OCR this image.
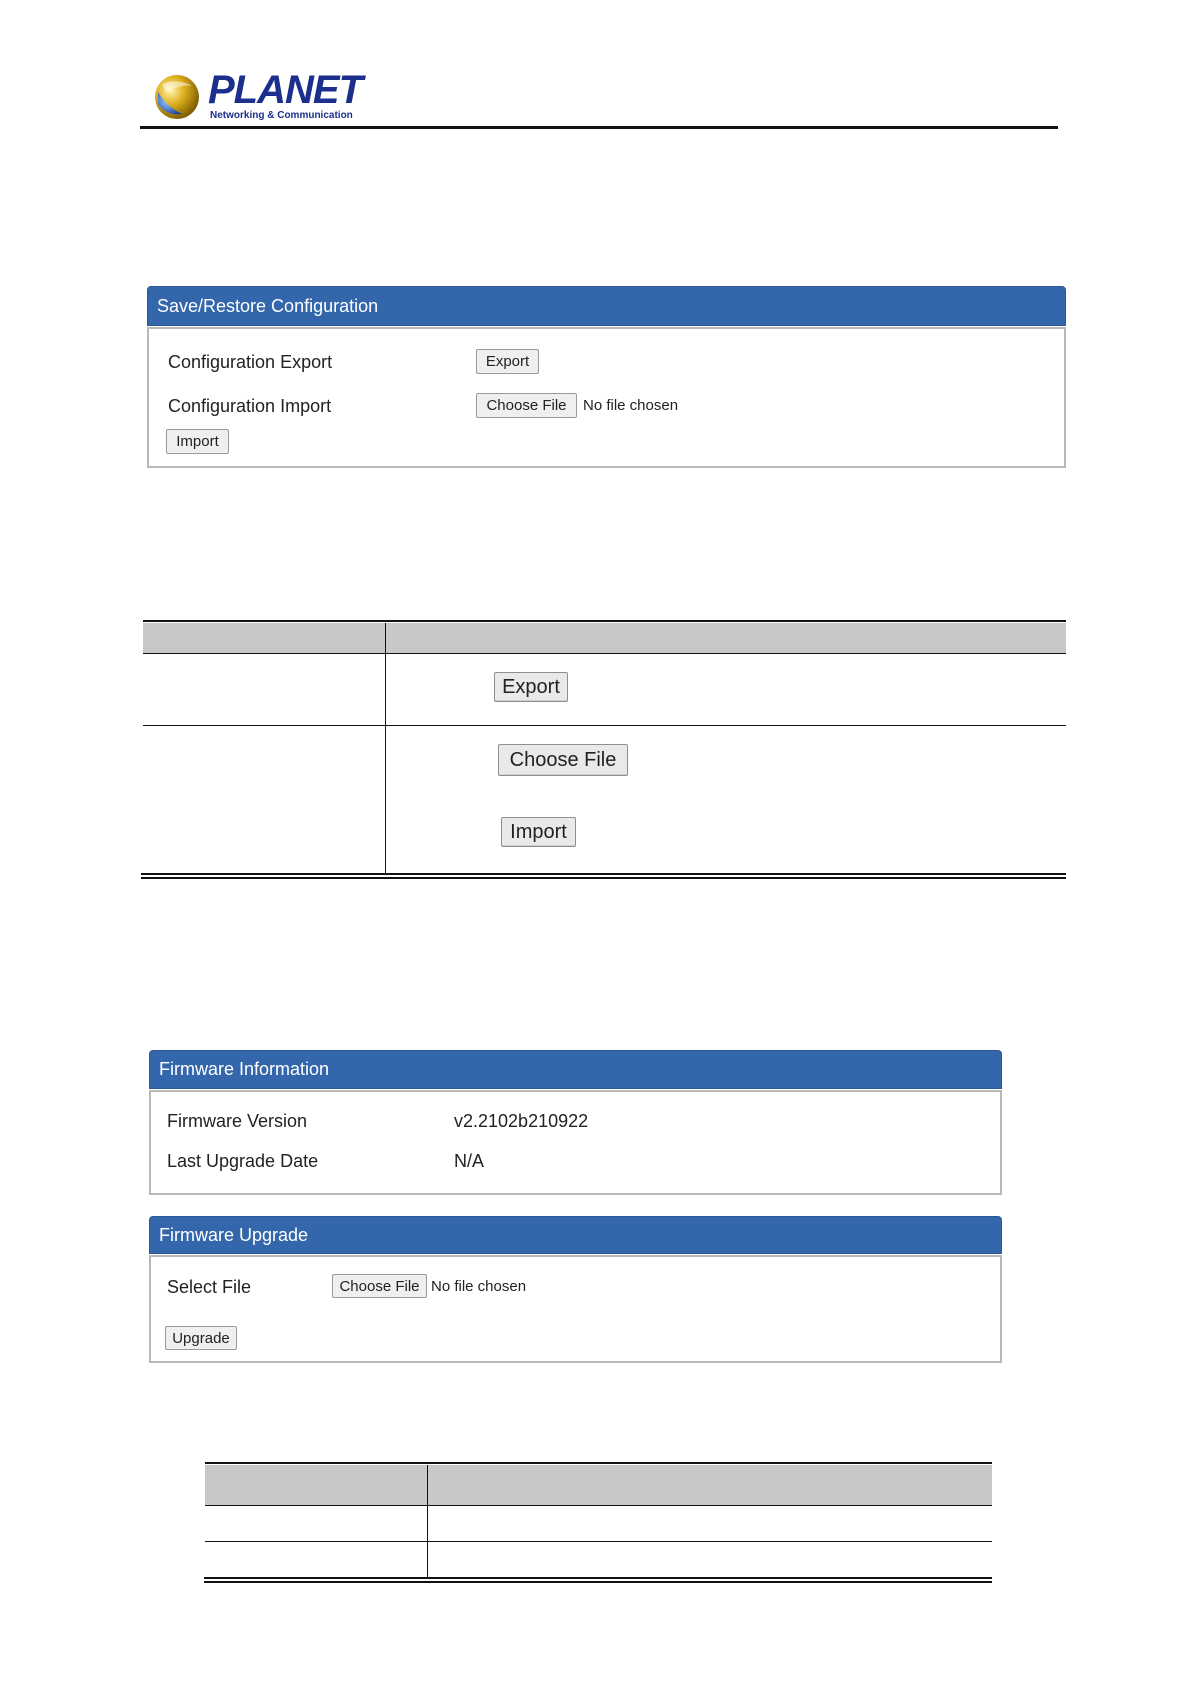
PLANET
Networking & Communication
Save/Restore Configuration
Configuration Export	Export
Configuration Import	Choose File	No file chosen
Import
Export
Choose File
Import
Firmware Information
Firmware Version	v2.2102b210922
Last Upgrade Date	N/A
Firmware Upgrade
Select File	Choose File No file chosen
Upgrade
